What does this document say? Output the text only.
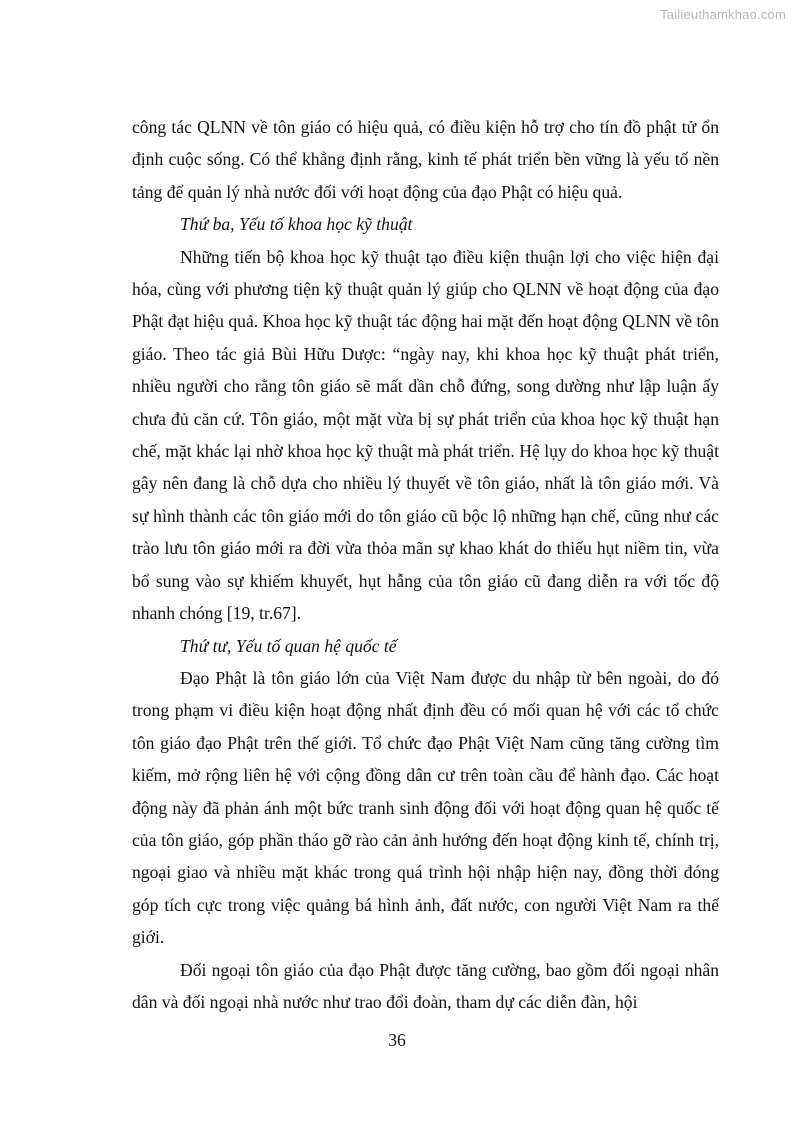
Tailieuthamkhao.com

công tác QLNN về tôn giáo có hiệu quả, có điều kiện hỗ trợ cho tín đồ phật tử ổn định cuộc sống. Có thể khẳng định rằng, kinh tế phát triển bền vững là yếu tố nền tảng để quản lý nhà nước đối với hoạt động của đạo Phật có hiệu quả.

Thứ ba, Yếu tố khoa học kỹ thuật

Những tiến bộ khoa học kỹ thuật tạo điều kiện thuận lợi cho việc hiện đại hóa, cùng với phương tiện kỹ thuật quản lý giúp cho QLNN về hoạt động của đạo Phật đạt hiệu quả. Khoa học kỹ thuật tác động hai mặt đến hoạt động QLNN về tôn giáo. Theo tác giả Bùi Hữu Dược: “ngày nay, khi khoa học kỹ thuật phát triển, nhiều người cho rằng tôn giáo sẽ mất dần chỗ đứng, song dường như lập luận ấy chưa đủ căn cứ. Tôn giáo, một mặt vừa bị sự phát triển của khoa học kỹ thuật hạn chế, mặt khác lại nhờ khoa học kỹ thuật mà phát triển. Hệ lụy do khoa học kỹ thuật gây nên đang là chỗ dựa cho nhiều lý thuyết về tôn giáo, nhất là tôn giáo mới. Và sự hình thành các tôn giáo mới do tôn giáo cũ bộc lộ những hạn chế, cũng như các trào lưu tôn giáo mới ra đời vừa thỏa mãn sự khao khát do thiếu hụt niềm tin, vừa bổ sung vào sự khiếm khuyết, hụt hẫng của tôn giáo cũ đang diễn ra với tốc độ nhanh chóng [19, tr.67].

Thứ tư, Yếu tố quan hệ quốc tế

Đạo Phật là tôn giáo lớn của Việt Nam được du nhập từ bên ngoài, do đó trong phạm vi điều kiện hoạt động nhất định đều có mối quan hệ với các tổ chức tôn giáo đạo Phật trên thế giới. Tổ chức đạo Phật Việt Nam cũng tăng cường tìm kiếm, mở rộng liên hệ với cộng đồng dân cư trên toàn cầu để hành đạo. Các hoạt động này đã phản ánh một bức tranh sinh động đối với hoạt động quan hệ quốc tế của tôn giáo, góp phần tháo gỡ rào cản ảnh hướng đến hoạt động kinh tế, chính trị, ngoại giao và nhiều mặt khác trong quá trình hội nhập hiện nay, đồng thời đóng góp tích cực trong việc quảng bá hình ảnh, đất nước, con người Việt Nam ra thế giới.

Đối ngoại tôn giáo của đạo Phật được tăng cường, bao gồm đối ngoại nhân dân và đối ngoại nhà nước như trao đổi đoàn, tham dự các diễn đàn, hội

36
